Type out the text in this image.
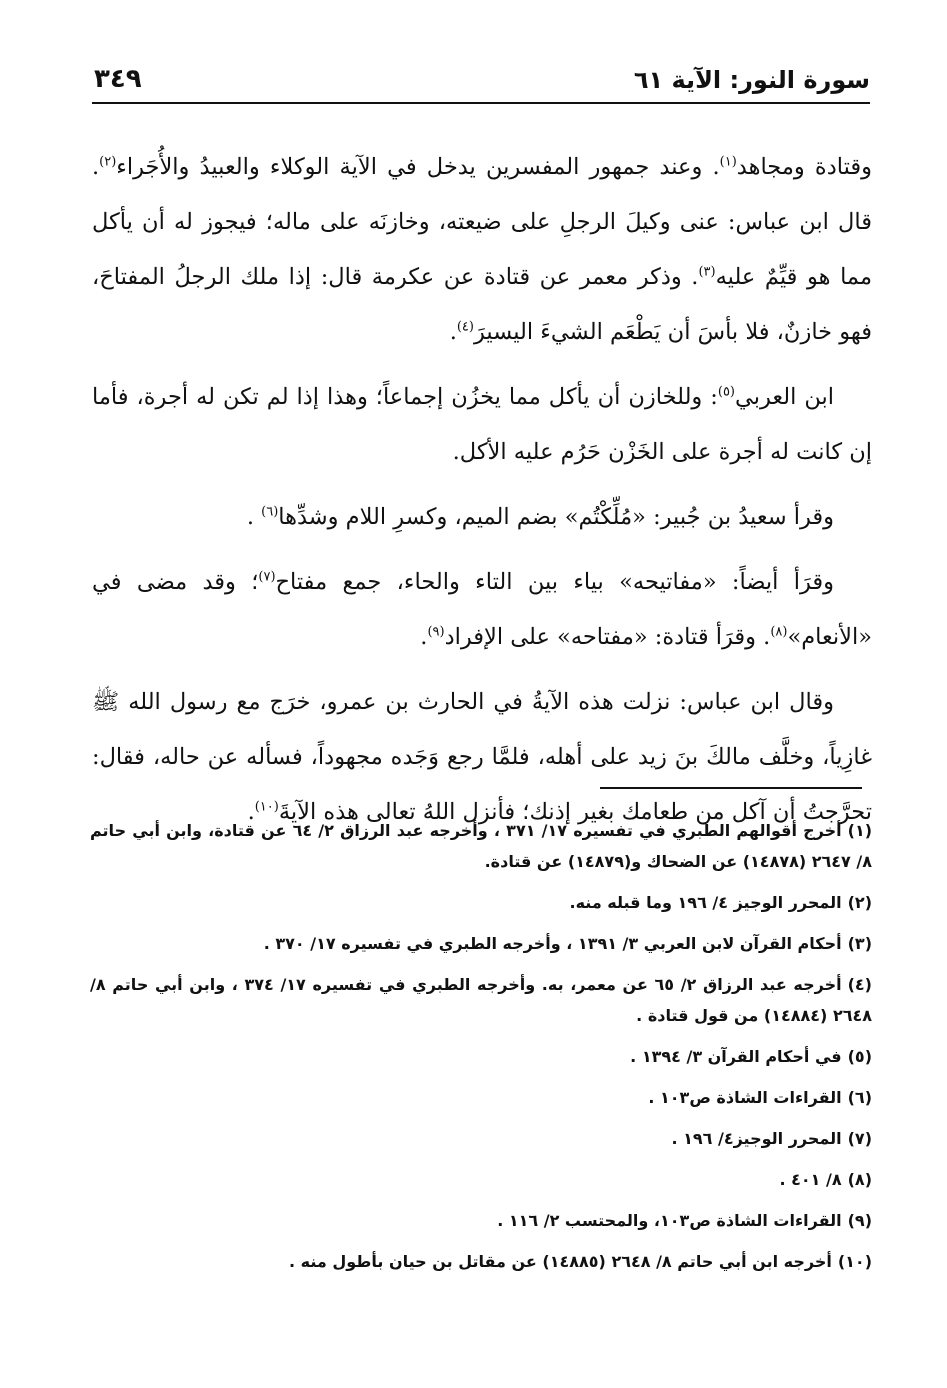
سورة النور: الآية ٦١
٣٤٩

وقتادة ومجاهد$^{(١)}$. وعند جمهور المفسرين يدخل في الآية الوكلاء والعبيدُ والأُجَراء$^{(٢)}$. قال ابن عباس: عنى وكيلَ الرجلِ على ضيعته، وخازنَه على ماله؛ فيجوز له أن يأكل مما هو قيِّمٌ عليه$^{(٣)}$. وذكر معمر عن قتادة عن عكرمة قال: إذا ملك الرجلُ المفتاحَ، فهو خازنٌ، فلا بأسَ أن يَطْعَم الشيءَ اليسيرَ$^{(٤)}$.

ابن العربي$^{(٥)}$: وللخازن أن يأكل مما يخزُن إجماعاً؛ وهذا إذا لم تكن له أجرة، فأما إن كانت له أجرة على الخَزْن حَرُم عليه الأكل.

وقرأ سعيدُ بن جُبير: «مُلِّكْتُم» بضم الميم، وكسرِ اللام وشدِّها$^{(٦)}$ .

وقرَأ أيضاً: «مفاتيحه» بياء بين التاء والحاء، جمع مفتاح$^{(٧)}$؛ وقد مضى في «الأنعام»$^{(٨)}$. وقرَأ قتادة: «مفتاحه» على الإفراد$^{(٩)}$.

وقال ابن عباس: نزلت هذه الآيةُ في الحارث بن عمرو، خرَج مع رسول الله ﷺ غازِياً، وخلَّف مالكَ بنَ زيد على أهله، فلمَّا رجع وَجَده مجهوداً، فسأله عن حاله، فقال: تحرَّجتُ أن آكل من طعامك بغير إذنك؛ فأنزل اللهُ تعالى هذه الآيةَ$^{(١٠)}$.

(١)أخرج أقوالهم الطبري في تفسيره ١٧/ ٣٧١ ، وأخرجه عبد الرزاق ٢/ ٦٤ عن قتادة، وابن أبي حاتم ٨/ ٢٦٤٧ (١٤٨٧٨) عن الضحاك و(١٤٨٧٩) عن قتادة.
(٢)المحرر الوجيز ٤/ ١٩٦ وما قبله منه.
(٣)أحكام القرآن لابن العربي ٣/ ١٣٩١ ، وأخرجه الطبري في تفسيره ١٧/ ٣٧٠ .
(٤)أخرجه عبد الرزاق ٢/ ٦٥ عن معمر، به. وأخرجه الطبري في تفسيره ١٧/ ٣٧٤ ، وابن أبي حاتم ٨/ ٢٦٤٨ (١٤٨٨٤) من قول قتادة .
(٥)في أحكام القرآن ٣/ ١٣٩٤ .
(٦)القراءات الشاذة ص١٠٣ .
(٧)المحرر الوجيز٤/ ١٩٦ .
(٨)٨/ ٤٠١ .
(٩)القراءات الشاذة ص١٠٣، والمحتسب ٢/ ١١٦ .
(١٠)أخرجه ابن أبي حاتم ٨/ ٢٦٤٨ (١٤٨٨٥) عن مقاتل بن حيان بأطول منه .
